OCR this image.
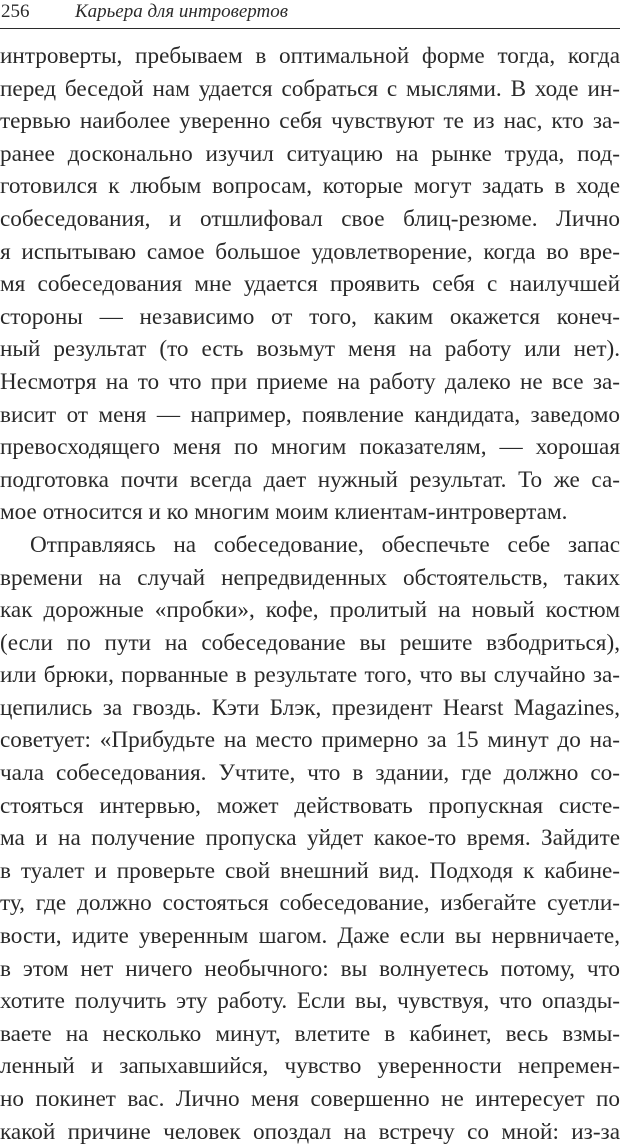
256 Карьера для интровертов
интроверты, пребываем в оптимальной форме тогда, когда
перед беседой нам удается собраться с мыслями. В ходе ин-
тервью наиболее уверенно себя чувствуют те из нас, кто за-
ранее досконально изучил ситуацию на рынке труда, под-
готовился к любым вопросам, которые могут задать в ходе
собеседования, и отшлифовал свое блиц-резюме. Лично
я испытываю самое большое удовлетворение, когда во вре-
мя собеседования мне удается проявить себя с наилучшей
стороны — независимо от того, каким окажется конеч-
ный результат (то есть возьмут меня на работу или нет).
Несмотря на то что при приеме на работу далеко не все за-
висит от меня — например, появление кандидата, заведомо
превосходящего меня по многим показателям, — хорошая
подготовка почти всегда дает нужный результат. То же са-
мое относится и ко многим моим клиентам-интровертам.
Отправляясь на собеседование, обеспечьте себе запас
времени на случай непредвиденных обстоятельств, таких
как дорожные «пробки», кофе, пролитый на новый костюм
(если по пути на собеседование вы решите взбодриться),
или брюки, порванные в результате того, что вы случайно за-
цепились за гвоздь. Кэти Блэк, президент Hearst Magazines,
советует: «Прибудьте на место примерно за 15 минут до на-
чала собеседования. Учтите, что в здании, где должно со-
стояться интервью, может действовать пропускная систе-
ма и на получение пропуска уйдет какое-то время. Зайдите
в туалет и проверьте свой внешний вид. Подходя к кабине-
ту, где должно состояться собеседование, избегайте суетли-
вости, идите уверенным шагом. Даже если вы нервничаете,
в этом нет ничего необычного: вы волнуетесь потому, что
хотите получить эту работу. Если вы, чувствуя, что опазды-
ваете на несколько минут, влетите в кабинет, весь взмы-
ленный и запыхавшийся, чувство уверенности непремен-
но покинет вас. Лично меня совершенно не интересует по
какой причине человек опоздал на встречу со мной: из-за
